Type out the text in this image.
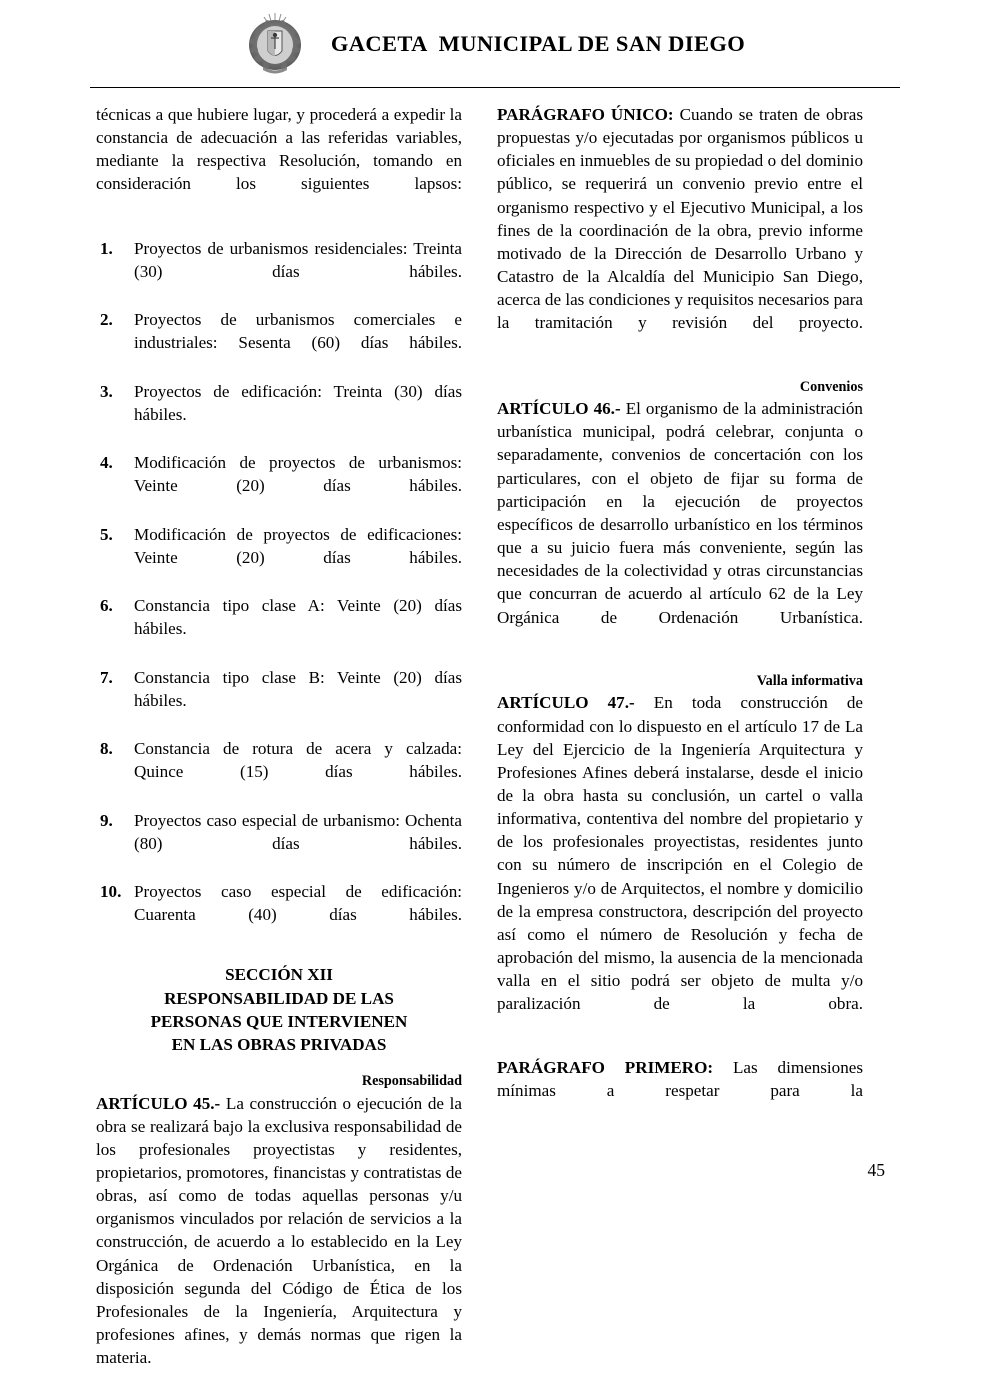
GACETA  MUNICIPAL DE SAN DIEGO

técnicas a que hubiere lugar, y procederá a expedir la constancia de adecuación a las referidas variables, mediante la respectiva Resolución, tomando en consideración los siguientes lapsos:

1.	Proyectos de urbanismos residenciales: Treinta (30) días hábiles.
2.	Proyectos de urbanismos comerciales e industriales: Sesenta (60) días hábiles.
3.	Proyectos de edificación: Treinta (30) días hábiles.
4.	Modificación de proyectos de urbanismos: Veinte (20) días hábiles.
5.	Modificación de proyectos de edificaciones: Veinte (20) días hábiles.
6.	Constancia tipo clase A: Veinte (20) días hábiles.
7.	Constancia tipo clase B: Veinte (20) días hábiles.
8.	Constancia de rotura de acera y calzada: Quince (15) días hábiles.
9.	Proyectos caso especial de urbanismo: Ochenta (80) días hábiles.
10. Proyectos caso especial de edificación: Cuarenta (40) días hábiles.
SECCIÓN XII
RESPONSABILIDAD DE LAS
PERSONAS QUE INTERVIENEN
EN LAS OBRAS PRIVADAS
Responsabilidad

ARTÍCULO 45.- La construcción o ejecución de la obra se realizará bajo la exclusiva responsabilidad de los profesionales proyectistas y residentes, propietarios, promotores, financistas y contratistas de obras, así como de todas aquellas personas y/u organismos vinculados por relación de servicios a la construcción, de acuerdo a lo establecido en la Ley Orgánica de Ordenación Urbanística, en la disposición segunda del Código de Ética de los Profesionales de la Ingeniería, Arquitectura y profesiones afines, y demás normas que rigen la materia.

PARÁGRAFO ÚNICO: Cuando se traten de obras propuestas y/o ejecutadas por organismos públicos u oficiales en inmuebles de su propiedad o del dominio público, se requerirá un convenio previo entre el organismo respectivo y el Ejecutivo Municipal, a los fines de la coordinación de la obra, previo informe motivado de la Dirección de Desarrollo Urbano y Catastro de la Alcaldía del Municipio San Diego, acerca de las condiciones y requisitos necesarios para la tramitación y revisión del proyecto.

Convenios

ARTÍCULO 46.- El organismo de la administración urbanística municipal, podrá celebrar, conjunta o separadamente, convenios de concertación con los particulares, con el objeto de fijar su forma de participación en la ejecución de proyectos específicos de desarrollo urbanístico en los términos que a su juicio fuera más conveniente, según las necesidades de la colectividad y otras circunstancias que concurran de acuerdo al artículo 62 de la Ley Orgánica de Ordenación Urbanística.

Valla informativa

ARTÍCULO 47.- En toda construcción de conformidad con lo dispuesto en el artículo 17 de La Ley del Ejercicio de la Ingeniería Arquitectura y Profesiones Afines deberá instalarse, desde el inicio de la obra hasta su conclusión, un cartel o valla informativa, contentiva del nombre del propietario y de los profesionales proyectistas, residentes junto con su número de inscripción en el Colegio de Ingenieros y/o de Arquitectos, el nombre y domicilio de la empresa constructora, descripción del proyecto así como el número de Resolución y fecha de aprobación del mismo, la ausencia de la mencionada valla en el sitio podrá ser objeto de multa y/o paralización de la obra.

PARÁGRAFO PRIMERO: Las dimensiones mínimas a respetar para la

45
